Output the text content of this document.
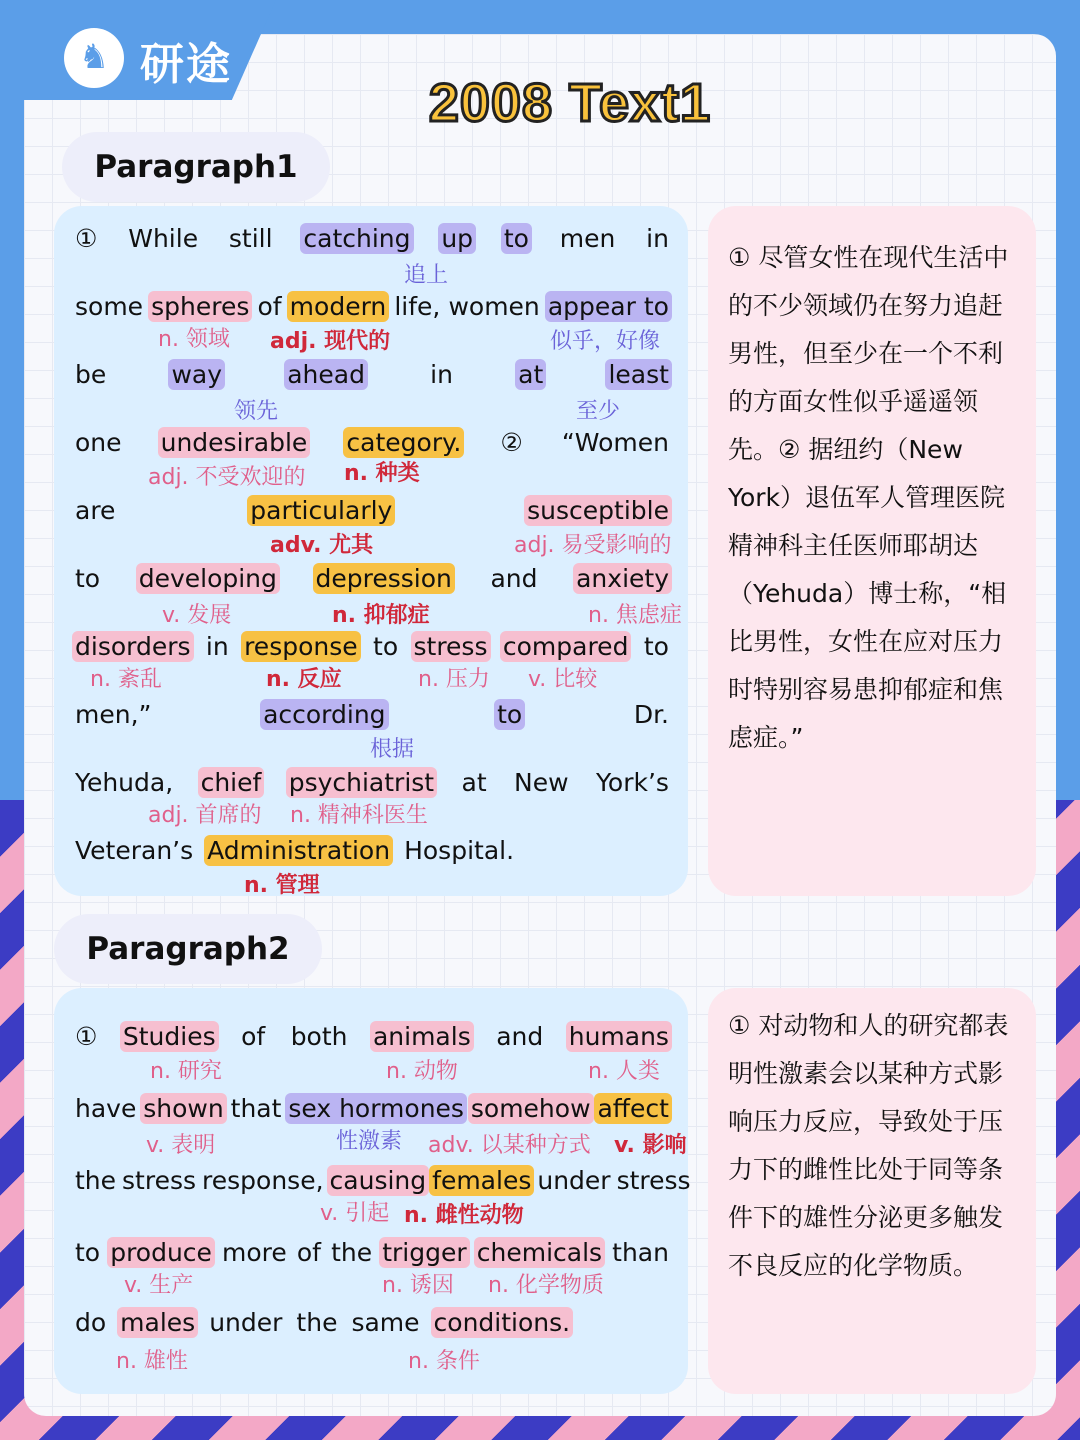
♞ 研途
2008 Text1
Paragraph1
① 尽管女性在现代生活中的不少领域仍在努力追赶男性，但至少在一个不利的方面女性似乎遥遥领先。② 据纽约（New York）退伍军人管理医院精神科主任医师耶胡达（Yehuda）博士称，“相比男性，女性在应对压力时特别容易患抑郁症和焦虑症。”
① While still catching up to men in
some spheres of modern life, women appear to
be	way	ahead	in	at	least
one undesirable category. ② “Women
are	particularly	susceptible
to developing depression and anxiety
disorders in response to stress compared to
men,”	according	to	Dr.
Yehuda, chief psychiatrist at New York’s
Veteran’s Administration Hospital.
追上
n. 领域 adj. 现代的	似乎，好像
领先	至少
adj. 不受欢迎的 n. 种类
adv. 尤其	adj. 易受影响的
v. 发展	n. 抑郁症	n. 焦虑症
n. 紊乱	n. 反应	n. 压力 v. 比较
根据
adj. 首席的 n. 精神科医生
n. 管理
Paragraph2
① 对动物和人的研究都表明性激素会以某种方式影响压力反应，导致处于压力下的雌性比处于同等条件下的雄性分泌更多触发不良反应的化学物质。
① Studies of both animals and humans
have shown that sex hormones somehow affect
the stress response, causing females under stress
to produce more of the trigger chemicals than
do males under the same conditions.
n. 研究	n. 动物	n. 人类
v. 表明	性激素 adv. 以某种方式 v. 影响
v. 引起 n. 雌性动物
v. 生产	n. 诱因 n. 化学物质
n. 雄性	n. 条件
